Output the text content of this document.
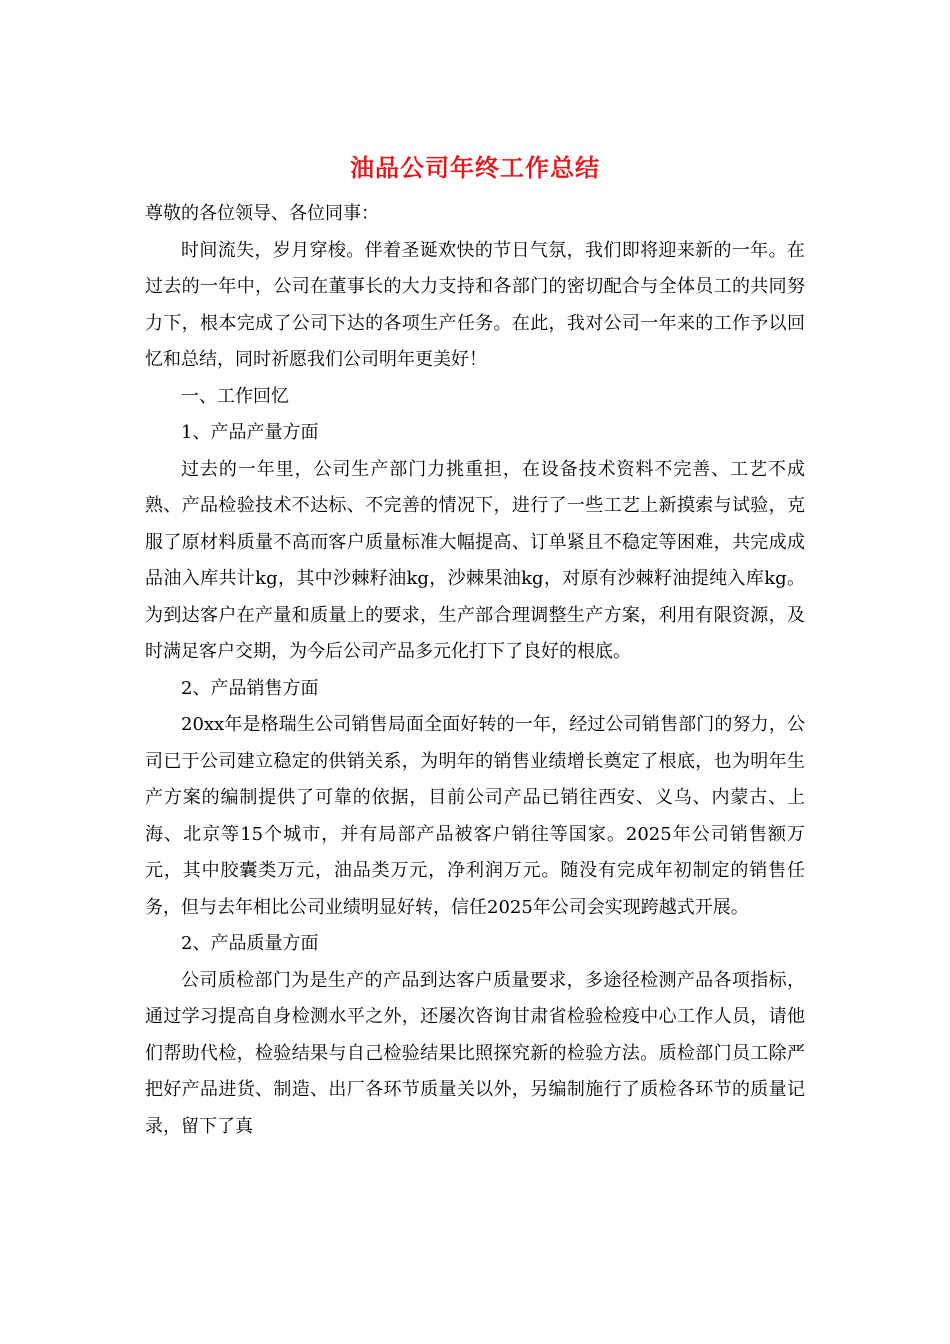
油品公司年终工作总结

尊敬的各位领导、各位同事：

时间流失，岁月穿梭。伴着圣诞欢快的节日气氛，我们即将迎来新的一年。在过去的一年中，公司在董事长的大力支持和各部门的密切配合与全体员工的共同努力下，根本完成了公司下达的各项生产任务。在此，我对公司一年来的工作予以回忆和总结，同时祈愿我们公司明年更美好！

一、工作回忆

1、产品产量方面

过去的一年里，公司生产部门力挑重担，在设备技术资料不完善、工艺不成熟、产品检验技术不达标、不完善的情况下，进行了一些工艺上新摸索与试验，克服了原材料质量不高而客户质量标准大幅提高、订单紧且不稳定等困难，共完成成品油入库共计kg，其中沙棘籽油kg，沙棘果油kg，对原有沙棘籽油提纯入库kg。为到达客户在产量和质量上的要求，生产部合理调整生产方案，利用有限资源，及时满足客户交期，为今后公司产品多元化打下了良好的根底。

2、产品销售方面

20xx年是格瑞生公司销售局面全面好转的一年，经过公司销售部门的努力，公司已于公司建立稳定的供销关系，为明年的销售业绩增长奠定了根底，也为明年生产方案的编制提供了可靠的依据，目前公司产品已销往西安、义乌、内蒙古、上海、北京等15个城市，并有局部产品被客户销往等国家。2025年公司销售额万元，其中胶囊类万元，油品类万元，净利润万元。随没有完成年初制定的销售任务，但与去年相比公司业绩明显好转，信任2025年公司会实现跨越式开展。

2、产品质量方面

公司质检部门为是生产的产品到达客户质量要求，多途径检测产品各项指标，通过学习提高自身检测水平之外，还屡次咨询甘肃省检验检疫中心工作人员，请他们帮助代检，检验结果与自己检验结果比照探究新的检验方法。质检部门员工除严把好产品进货、制造、出厂各环节质量关以外，另编制施行了质检各环节的质量记录，留下了真
